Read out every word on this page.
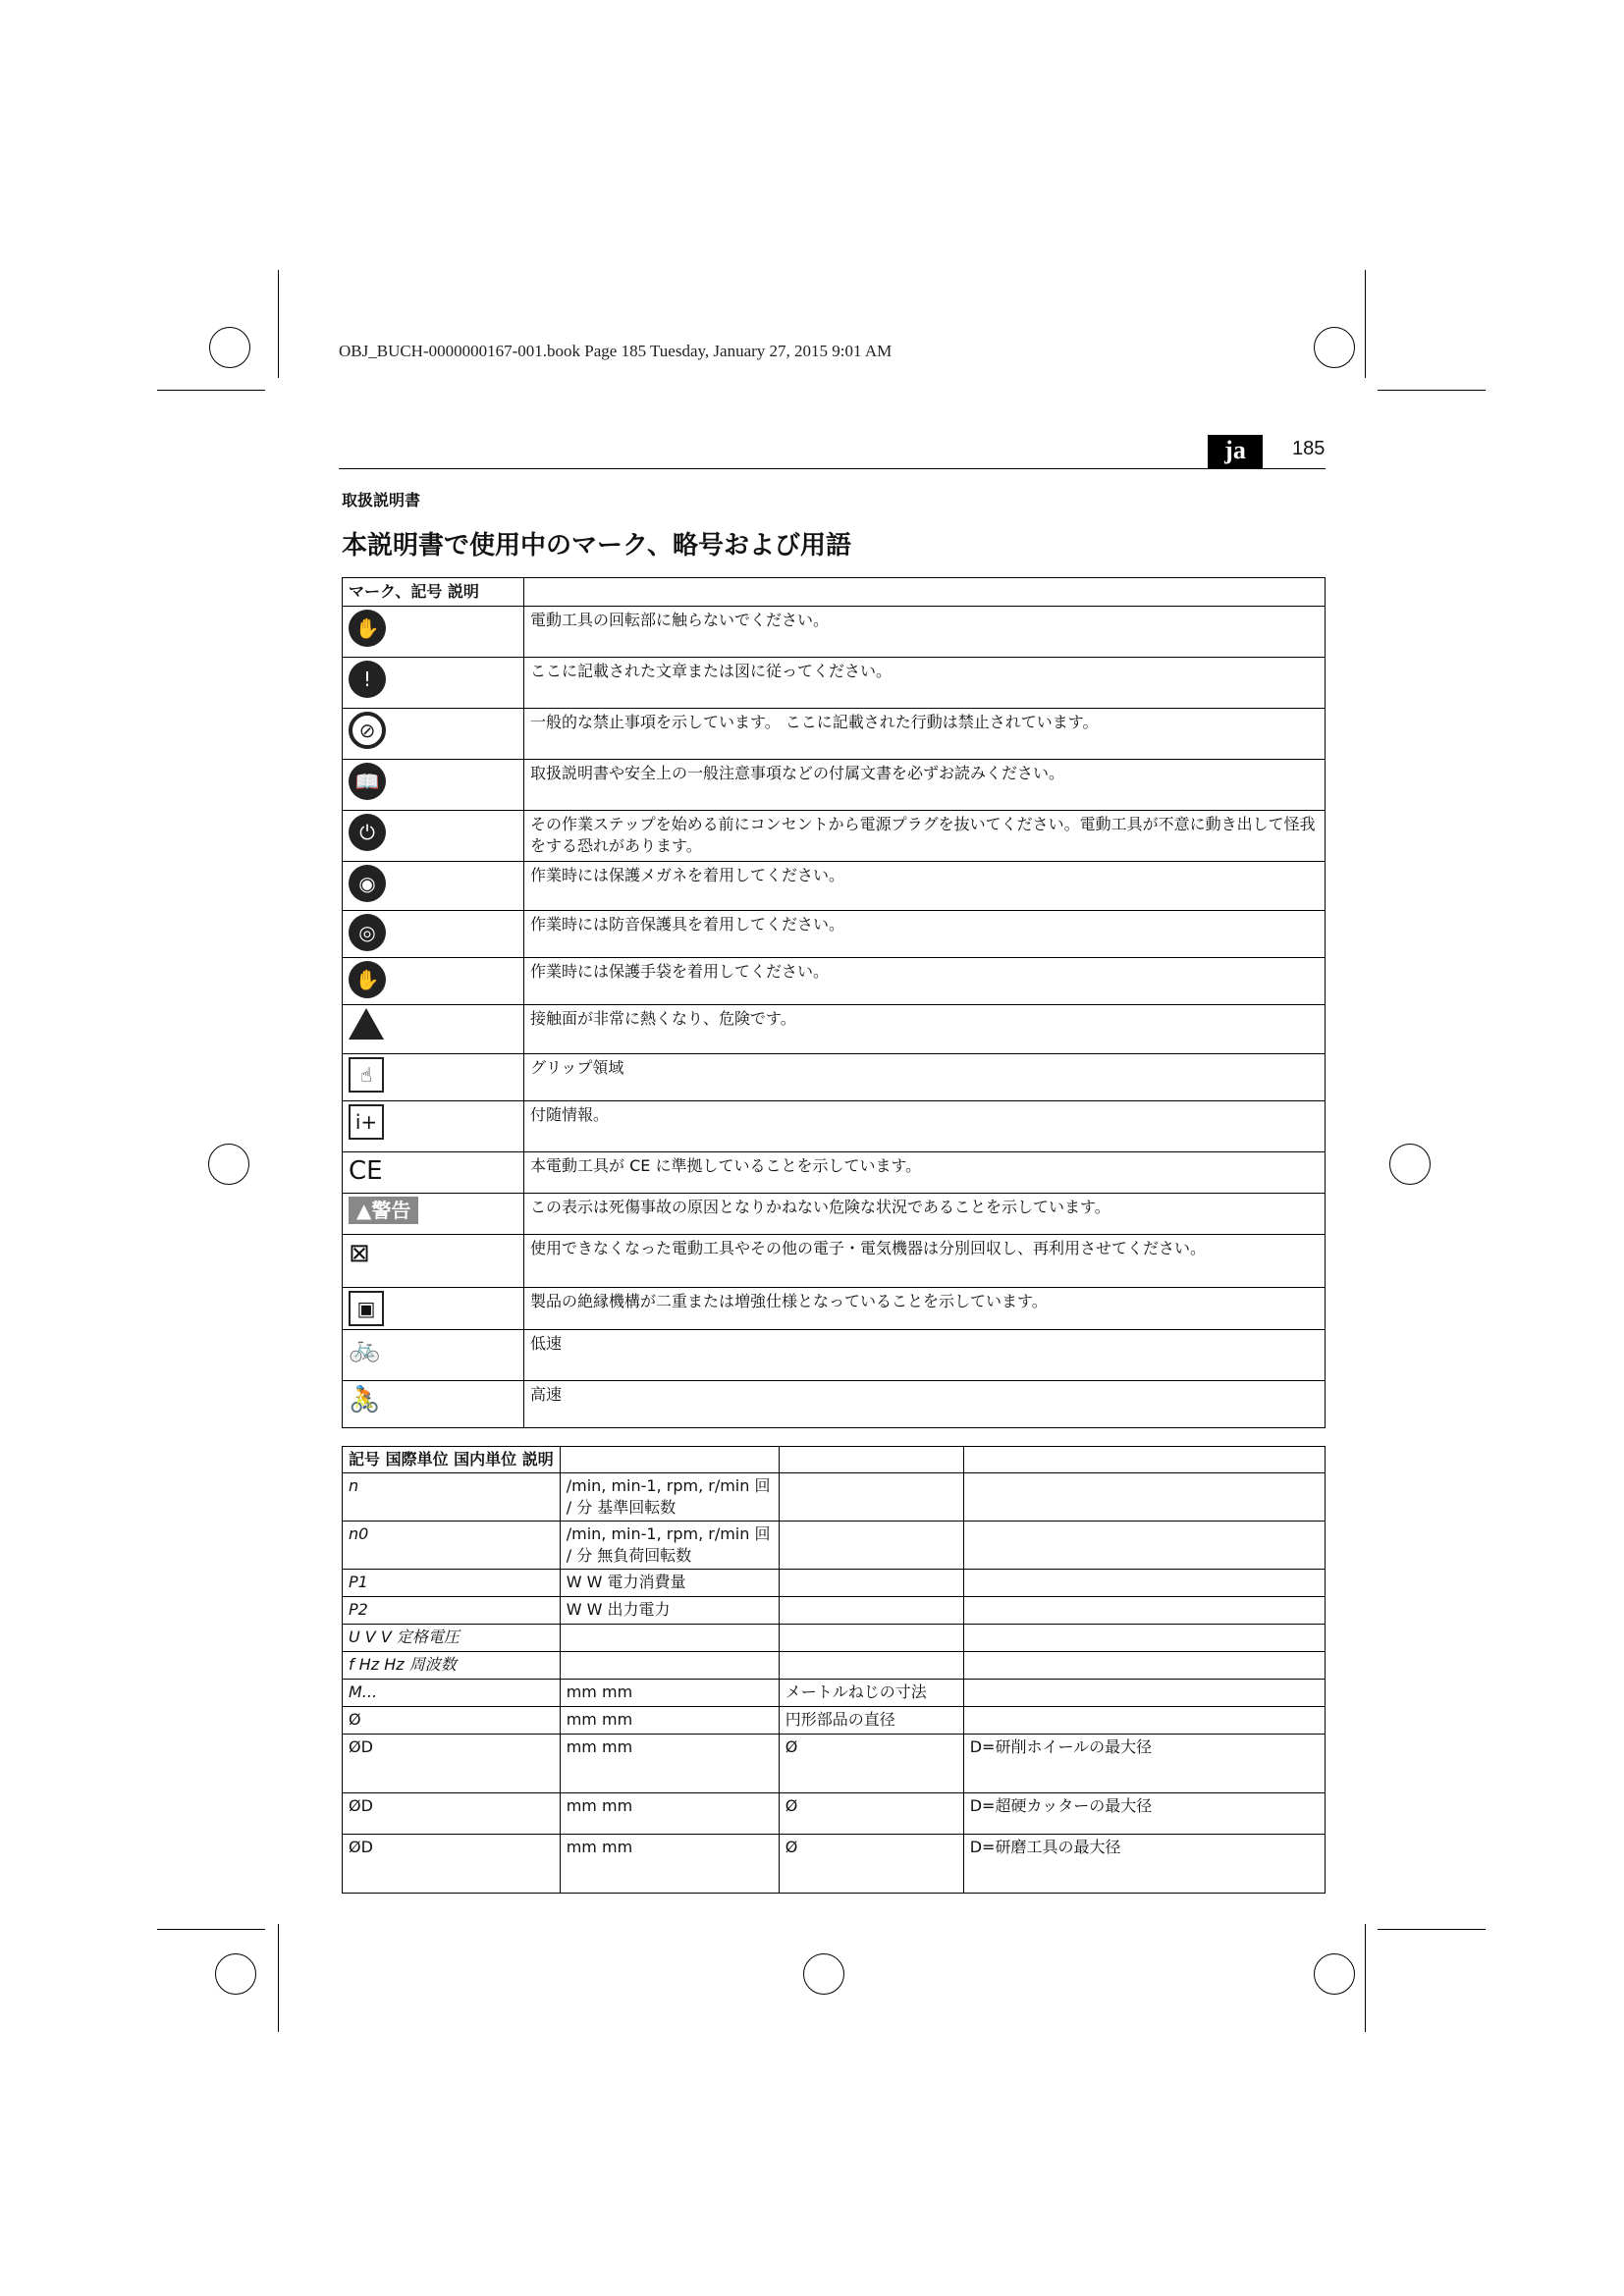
OBJ_BUCH-0000000167-001.book Page 185 Tuesday, January 27, 2015 9:01 AM
ja	185
取扱説明書
本説明書で使用中のマーク、略号および用語
マーク、記号 説明	
✋	電動工具の回転部に触らないでください。
!	ここに記載された文章または図に従ってください。
⊘	一般的な禁止事項を示しています。 ここに記載された行動は禁止されています。
📖	取扱説明書や安全上の一般注意事項などの付属文書を必ずお読みください。
⏻	その作業ステップを始める前にコンセントから電源プラグを抜いてください。電動工具が不意に動き出して怪我をする恐れがあります。
◉	作業時には保護メガネを着用してください。
◎	作業時には防音保護具を着用してください。
✋	作業時には保護手袋を着用してください。
	接触面が非常に熱くなり、危険です。
☝	グリップ領域
i+	付随情報。
CE	本電動工具が CE に準拠していることを示しています。
▲警告	この表示は死傷事故の原因となりかねない危険な状況であることを示しています。
⊠	使用できなくなった電動工具やその他の電子・電気機器は分別回収し、再利用させてください。
▣	製品の絶縁機構が二重または増強仕様となっていることを示しています。
🚲	低速
🚴	高速
記号 国際単位 国内単位 説明			
n	/min, min-1, rpm, r/min 回 / 分 基準回転数		
n0	/min, min-1, rpm, r/min 回 / 分 無負荷回転数		
P1	W W 電力消費量		
P2	W W 出力電力		
U V V 定格電圧			
f Hz Hz 周波数			
M...	mm mm	メートルねじの寸法	
Ø	mm mm	円形部品の直径	
ØD	mm mm	Ø	D=研削ホイールの最大径
ØD	mm mm	Ø	D=超硬カッターの最大径
ØD	mm mm	Ø	D=研磨工具の最大径
